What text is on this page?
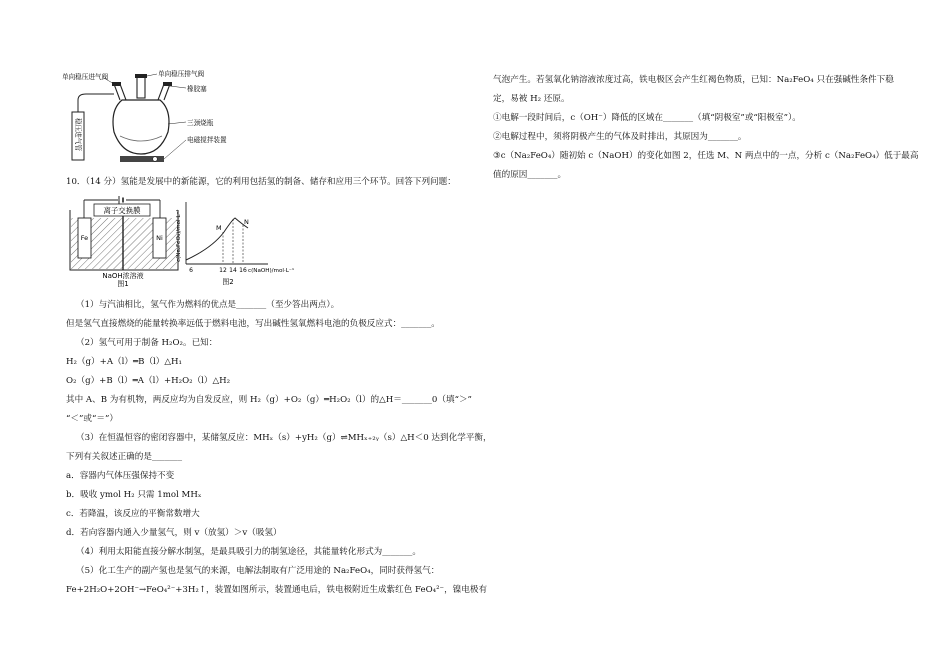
单向稳压进气阀	单向稳压排气阀
橡胶塞
三颈烧瓶
电磁搅拌装置
稳压进气管
10．（14 分）氢能是发展中的新能源，它的利用包括氢的制备、储存和应用三个环节。回答下列问题：
（1）与汽油相比，氢气作为燃料的优点是_______（至少答出两点）。
但是氢气直接燃烧的能量转换率远低于燃料电池，写出碱性氢氧燃料电池的负极反应式：_______。
（2）氢气可用于制备 H₂O₂。已知：
H₂（g）+A（l）═B（l）△H₁
O₂（g）+B（l）═A（l）+H₂O₂（l）△H₂
其中 A、B 为有机物，两反应均为自发反应，则 H₂（g）+O₂（g）═H₂O₂（l）的△H＝_______0（填“＞”
“＜”或“＝”）
（3）在恒温恒容的密闭容器中，某储氢反应：MHₓ（s）+yH₂（g）⇌MHₓ₊₂ᵧ（s）△H＜0 达到化学平衡，
下列有关叙述正确的是_______
a．容器内气体压强保持不变
b．吸收 ymol H₂ 只需 1mol MHₓ
c．若降温，该反应的平衡常数增大
d．若向容器内通入少量氢气，则 v（放氢）＞v（吸氢）
（4）利用太阳能直接分解水制氢，是最具吸引力的制氢途径，其能量转化形式为_______。
（5）化工生产的副产氢也是氢气的来源，电解法制取有广泛用途的 Na₂FeO₄，同时获得氢气：
Fe+2H₂O+2OH⁻→FeO₄²⁻+3H₂↑，装置如图所示，装置通电后，铁电极附近生成紫红色 FeO₄²⁻，镍电极有
离子交换膜
Fe	Ni
NaOH浓溶液
图1
c(Na₂FeO₄)/mol·L⁻¹
c(NaOH)/mol·L⁻¹
M
N
6	12 14 16
图2
气泡产生。若氢氧化钠溶液浓度过高，铁电极区会产生红褐色物质，已知：Na₂FeO₄ 只在强碱性条件下稳
定，易被 H₂ 还原。
①电解一段时间后，c（OH⁻）降低的区域在_______（填“阴极室”或“阳极室”）。
②电解过程中，须将阴极产生的气体及时排出，其原因为_______。
③c（Na₂FeO₄）随初始 c（NaOH）的变化如图 2，任选 M、N 两点中的一点，分析 c（Na₂FeO₄）低于最高
值的原因_______。
